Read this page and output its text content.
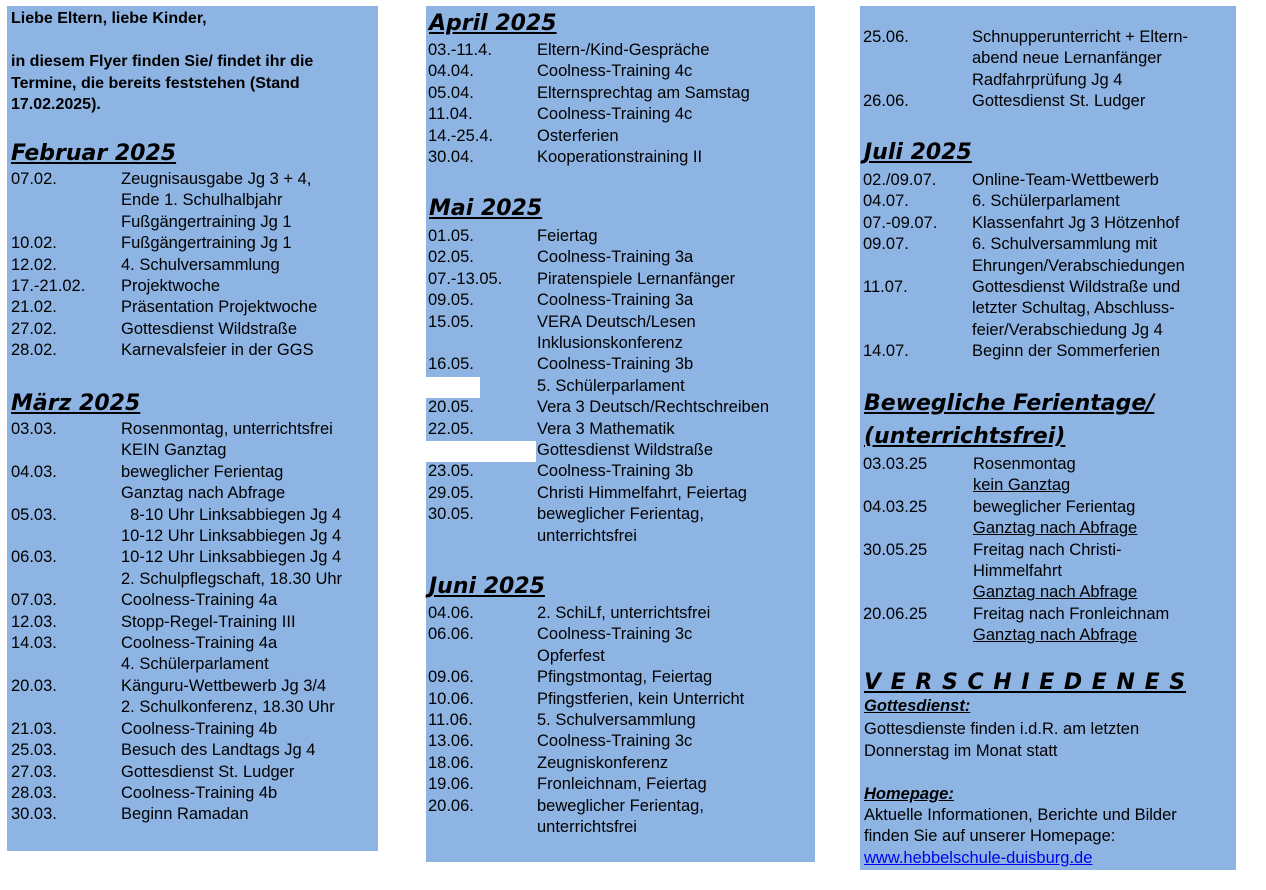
Liebe Eltern, liebe Kinder,
in diesem Flyer finden Sie/ findet ihr die
Termine, die bereits feststehen (Stand
17.02.2025).
Februar 2025
07.02.	Zeugnisausgabe Jg 3 + 4,
Ende 1. Schulhalbjahr
Fußgängertraining Jg 1
10.02.	Fußgängertraining Jg 1
12.02.	4. Schulversammlung
17.-21.02. Projektwoche
21.02.	Präsentation Projektwoche
27.02.	Gottesdienst Wildstraße
28.02.	Karnevalsfeier in der GGS
März 2025
03.03.	Rosenmontag, unterrichtsfrei
KEIN Ganztag
04.03.	beweglicher Ferientag
Ganztag nach Abfrage
05.03.	8-10 Uhr Linksabbiegen Jg 4
10-12 Uhr Linksabbiegen Jg 4
06.03.	10-12 Uhr Linksabbiegen Jg 4
2. Schulpflegschaft, 18.30 Uhr
07.03.	Coolness-Training 4a
12.03.	Stopp-Regel-Training III
14.03.	Coolness-Training 4a
4. Schülerparlament
20.03.	Känguru-Wettbewerb Jg 3/4
2. Schulkonferenz, 18.30 Uhr
21.03.	Coolness-Training 4b
25.03.	Besuch des Landtags Jg 4
27.03.	Gottesdienst St. Ludger
28.03.	Coolness-Training 4b
30.03.	Beginn Ramadan
April 2025
03.-11.4.	Eltern-/Kind-Gespräche
04.04.	Coolness-Training 4c
05.04.	Elternsprechtag am Samstag
11.04.	Coolness-Training 4c
14.-25.4.	Osterferien
30.04.	Kooperationstraining II
Mai 2025
01.05.	Feiertag
02.05.	Coolness-Training 3a
07.-13.05. Piratenspiele Lernanfänger
09.05.	Coolness-Training 3a
15.05.	VERA Deutsch/Lesen
Inklusionskonferenz
16.05.	Coolness-Training 3b
5. Schülerparlament
20.05.	Vera 3 Deutsch/Rechtschreiben
22.05.	Vera 3 Mathematik
Gottesdienst Wildstraße
23.05.	Coolness-Training 3b
29.05.	Christi Himmelfahrt, Feiertag
30.05.	beweglicher Ferientag,
unterrichtsfrei
Juni 2025
04.06.	2. SchiLf, unterrichtsfrei
06.06.	Coolness-Training 3c
Opferfest
09.06.	Pfingstmontag, Feiertag
10.06.	Pfingstferien, kein Unterricht
11.06.	5. Schulversammlung
13.06.	Coolness-Training 3c
18.06.	Zeugniskonferenz
19.06.	Fronleichnam, Feiertag
20.06.	beweglicher Ferientag,
unterrichtsfrei
25.06.	Schnupperunterricht + Eltern-
abend neue Lernanfänger
Radfahrprüfung Jg 4
26.06.	Gottesdienst St. Ludger
Juli 2025
02./09.07. Online-Team-Wettbewerb
04.07.	6. Schülerparlament
07.-09.07. Klassenfahrt Jg 3 Hötzenhof
09.07.	6. Schulversammlung mit
Ehrungen/Verabschiedungen
11.07.	Gottesdienst Wildstraße und
letzter Schultag, Abschluss-
feier/Verabschiedung Jg 4
14.07.	Beginn der Sommerferien
Bewegliche Ferientage/
(unterrichtsfrei)
03.03.25	Rosenmontag
kein Ganztag
04.03.25	beweglicher Ferientag
Ganztag nach Abfrage
30.05.25	Freitag nach Christi-
Himmelfahrt
Ganztag nach Abfrage
20.06.25	Freitag nach Fronleichnam
Ganztag nach Abfrage
V E R S C H I E D E N E S
Gottesdienst:
Gottesdienste finden i.d.R. am letzten
Donnerstag im Monat statt
Homepage:
Aktuelle Informationen, Berichte und Bilder
finden Sie auf unserer Homepage:
www.hebbelschule-duisburg.de
